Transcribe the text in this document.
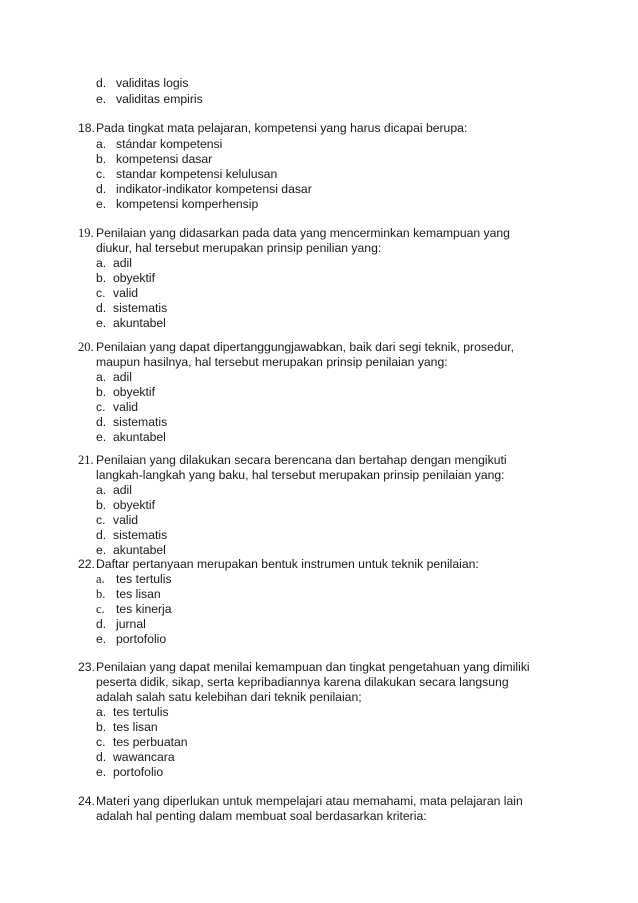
d. validitas logis
e. validitas empiris
18. Pada tingkat mata pelajaran, kompetensi yang harus dicapai berupa:
a. stándar kompetensi
b. kompetensi dasar
c. standar kompetensi kelulusan
d. indikator-indikator kompetensi dasar
e. kompetensi komperhensip
19. Penilaian yang didasarkan pada data yang mencerminkan kemampuan yang
diukur, hal tersebut merupakan prinsip penilian yang:
a. adil
b. obyektif
c. valid
d. sistematis
e. akuntabel
20. Penilaian yang dapat dipertanggungjawabkan, baik dari segi teknik, prosedur,
maupun hasilnya, hal tersebut merupakan prinsip penilaian yang:
a. adil
b. obyektif
c. valid
d. sistematis
e. akuntabel
21. Penilaian yang dilakukan secara berencana dan bertahap dengan mengikuti
langkah-langkah yang baku, hal tersebut merupakan prinsip penilaian yang:
a. adil
b. obyektif
c. valid
d. sistematis
e. akuntabel
22. Daftar pertanyaan merupakan bentuk instrumen untuk teknik penilaian:
a. tes tertulis
b. tes lisan
c. tes kinerja
d. jurnal
e. portofolio
23. Penilaian yang dapat menilai kemampuan dan tingkat pengetahuan yang dimiliki
peserta didik, sikap, serta kepribadiannya karena dilakukan secara langsung
adalah salah satu kelebihan dari teknik penilaian;
a. tes tertulis
b. tes lisan
c. tes perbuatan
d. wawancara
e. portofolio
24. Materi yang diperlukan untuk mempelajari atau memahami, mata pelajaran lain
adalah hal penting dalam membuat soal berdasarkan kriteria:
